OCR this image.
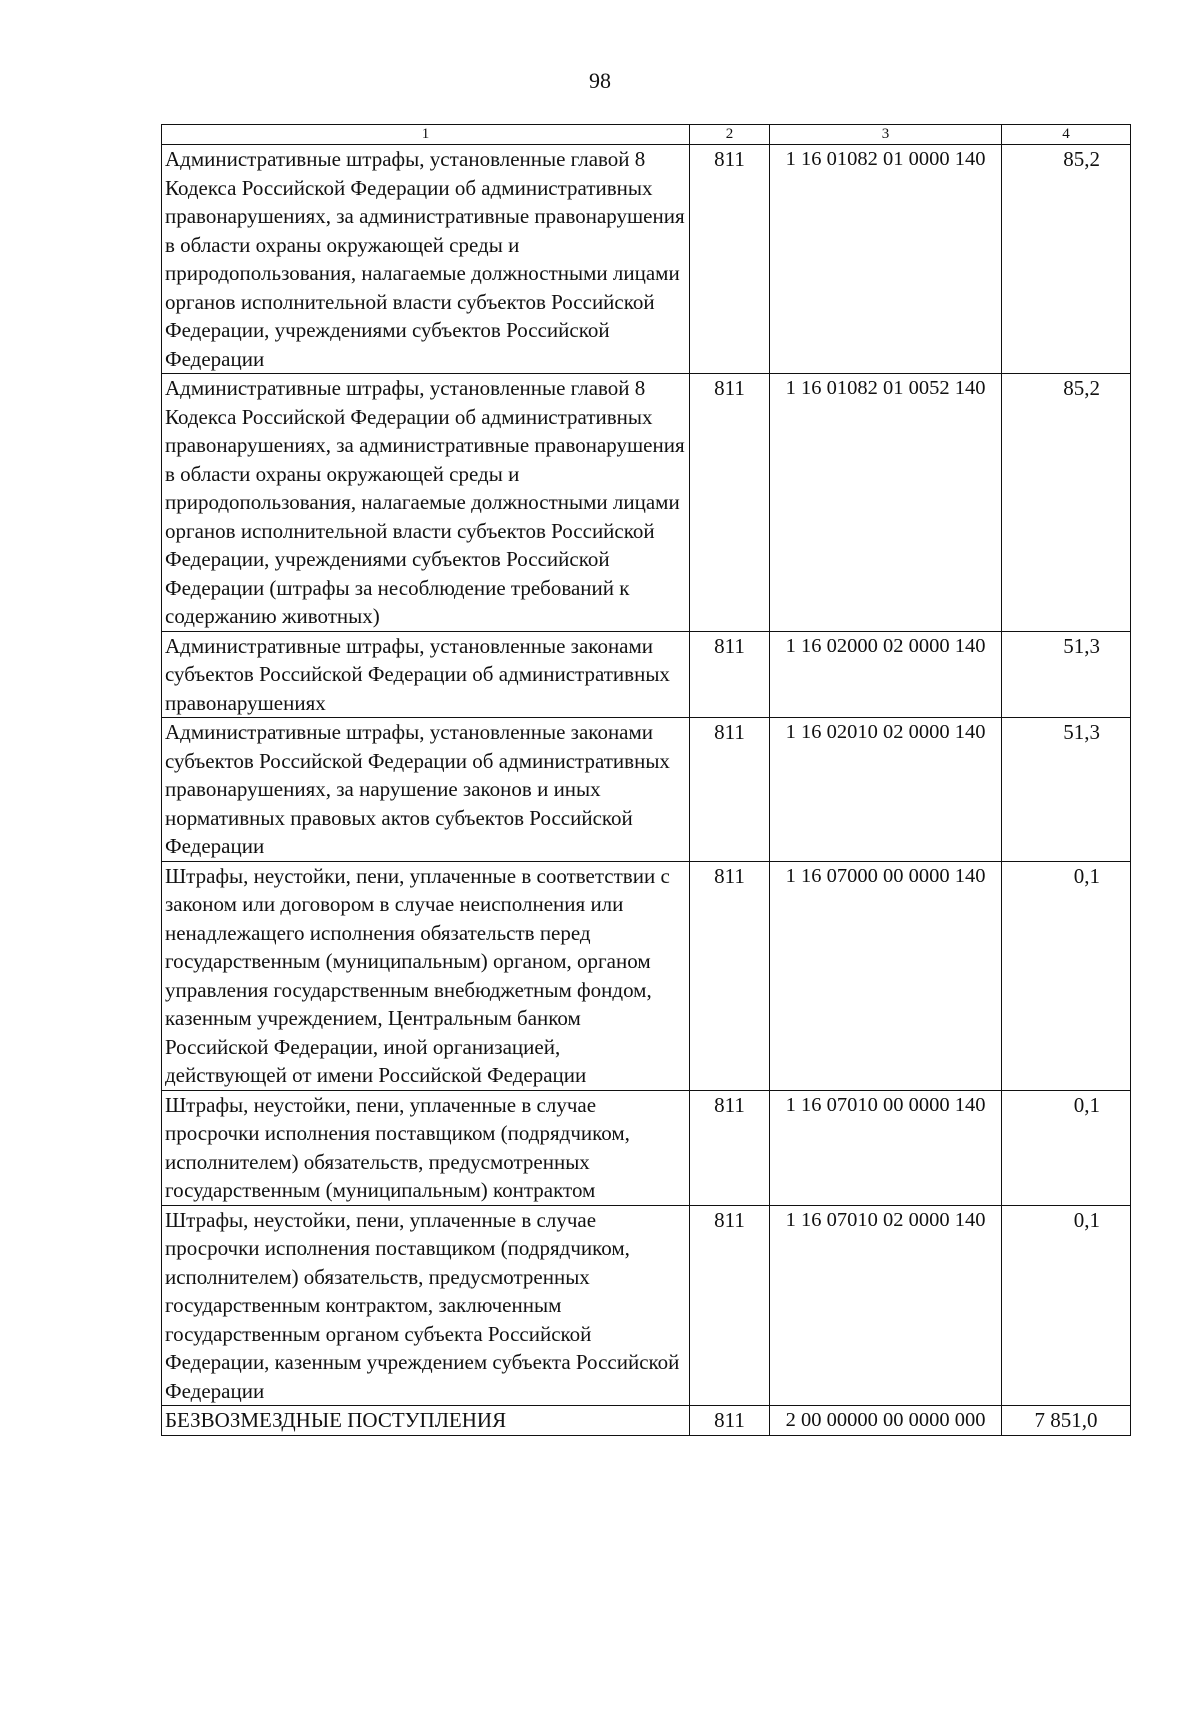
98
1	2	3	4
Административные штрафы, установленные главой 8 Кодекса Российской Федерации об административных правонарушениях, за административные правонарушения в области охраны окружающей среды и природопользования, налагаемые должностными лицами органов исполнительной власти субъектов Российской Федерации, учреждениями субъектов Российской Федерации	811	1 16 01082 01 0000 140	85,2
Административные штрафы, установленные главой 8 Кодекса Российской Федерации об административных правонарушениях, за административные правонарушения в области охраны окружающей среды и природопользования, налагаемые должностными лицами органов исполнительной власти субъектов Российской Федерации, учреждениями субъектов Российской Федерации (штрафы за несоблюдение требований к содержанию животных)	811	1 16 01082 01 0052 140	85,2
Административные штрафы, установленные законами субъектов Российской Федерации об административных правонарушениях	811	1 16 02000 02 0000 140	51,3
Административные штрафы, установленные законами субъектов Российской Федерации об административных правонарушениях, за нарушение законов и иных нормативных правовых актов субъектов Российской Федерации	811	1 16 02010 02 0000 140	51,3
Штрафы, неустойки, пени, уплаченные в соответствии с законом или договором в случае неисполнения или ненадлежащего исполнения обязательств перед государственным (муниципальным) органом, органом управления государственным внебюджетным фондом, казенным учреждением, Центральным банком Российской Федерации, иной организацией, действующей от имени Российской Федерации	811	1 16 07000 00 0000 140	0,1
Штрафы, неустойки, пени, уплаченные в случае просрочки исполнения поставщиком (подрядчиком, исполнителем) обязательств, предусмотренных государственным (муниципальным) контрактом	811	1 16 07010 00 0000 140	0,1
Штрафы, неустойки, пени, уплаченные в случае просрочки исполнения поставщиком (подрядчиком, исполнителем) обязательств, предусмотренных государственным контрактом, заключенным государственным органом субъекта Российской Федерации, казенным учреждением субъекта Российской Федерации	811	1 16 07010 02 0000 140	0,1
БЕЗВОЗМЕЗДНЫЕ ПОСТУПЛЕНИЯ	811	2 00 00000 00 0000 000	7 851,0
